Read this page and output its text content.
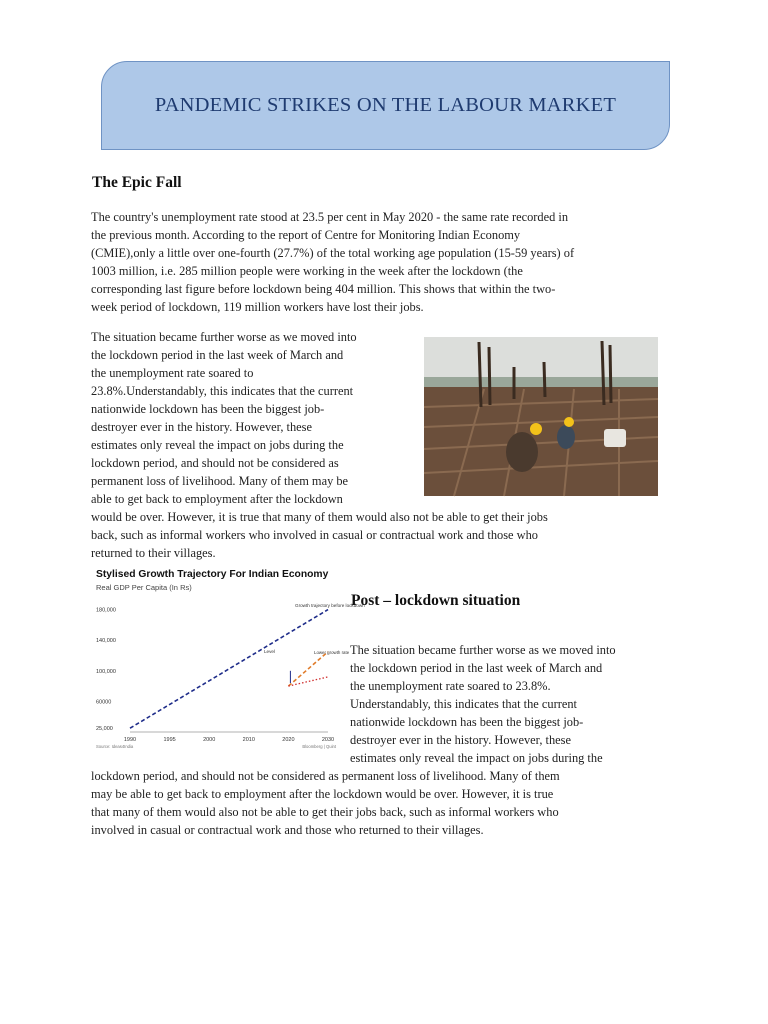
PANDEMIC STRIKES ON THE LABOUR MARKET
The Epic Fall
The country's unemployment rate stood at 23.5 per cent in May 2020 - the same rate recorded in
the previous month. According to the report of Centre for Monitoring Indian Economy
(CMIE),only a little over one-fourth (27.7%) of the total working age population (15-59 years) of
1003 million, i.e. 285 million people were working in the week after the lockdown (the
corresponding last figure before lockdown being 404 million. This shows that within the two-
week period of lockdown, 119 million workers have lost their jobs.
The situation became further worse as we moved into
the lockdown period in the last week of March and
the unemployment rate soared to
23.8%.Understandably, this indicates that the current
nationwide lockdown has been the biggest job-
destroyer ever in the history. However, these
estimates only reveal the impact on jobs during the
lockdown period, and should not be considered as
permanent loss of livelihood. Many of them may be
able to get back to employment after the lockdown
would be over. However, it is true that many of them would also not be able to get their jobs
back, such as informal workers who involved in casual or contractual work and those who
returned to their villages.
Stylised Growth Trajectory For Indian Economy
Real GDP Per Capita (In Rs)
25,000
60000
100,000
140,000
180,000
1990	1995	2000	2010	2020	2030
Growth trajectory before lockdown
Level	Lower growth rate
Source: Ideas4India	Bloomberg | Quint
Post – lockdown situation
The situation became further worse as we moved into
the lockdown period in the last week of March and
the unemployment rate soared to 23.8%.
Understandably, this indicates that the current
nationwide lockdown has been the biggest job-
destroyer ever in the history. However, these
estimates only reveal the impact on jobs during the
lockdown period, and should not be considered as permanent loss of livelihood. Many of them
may be able to get back to employment after the lockdown would be over. However, it is true
that many of them would also not be able to get their jobs back, such as informal workers who
involved in casual or contractual work and those who returned to their villages.
